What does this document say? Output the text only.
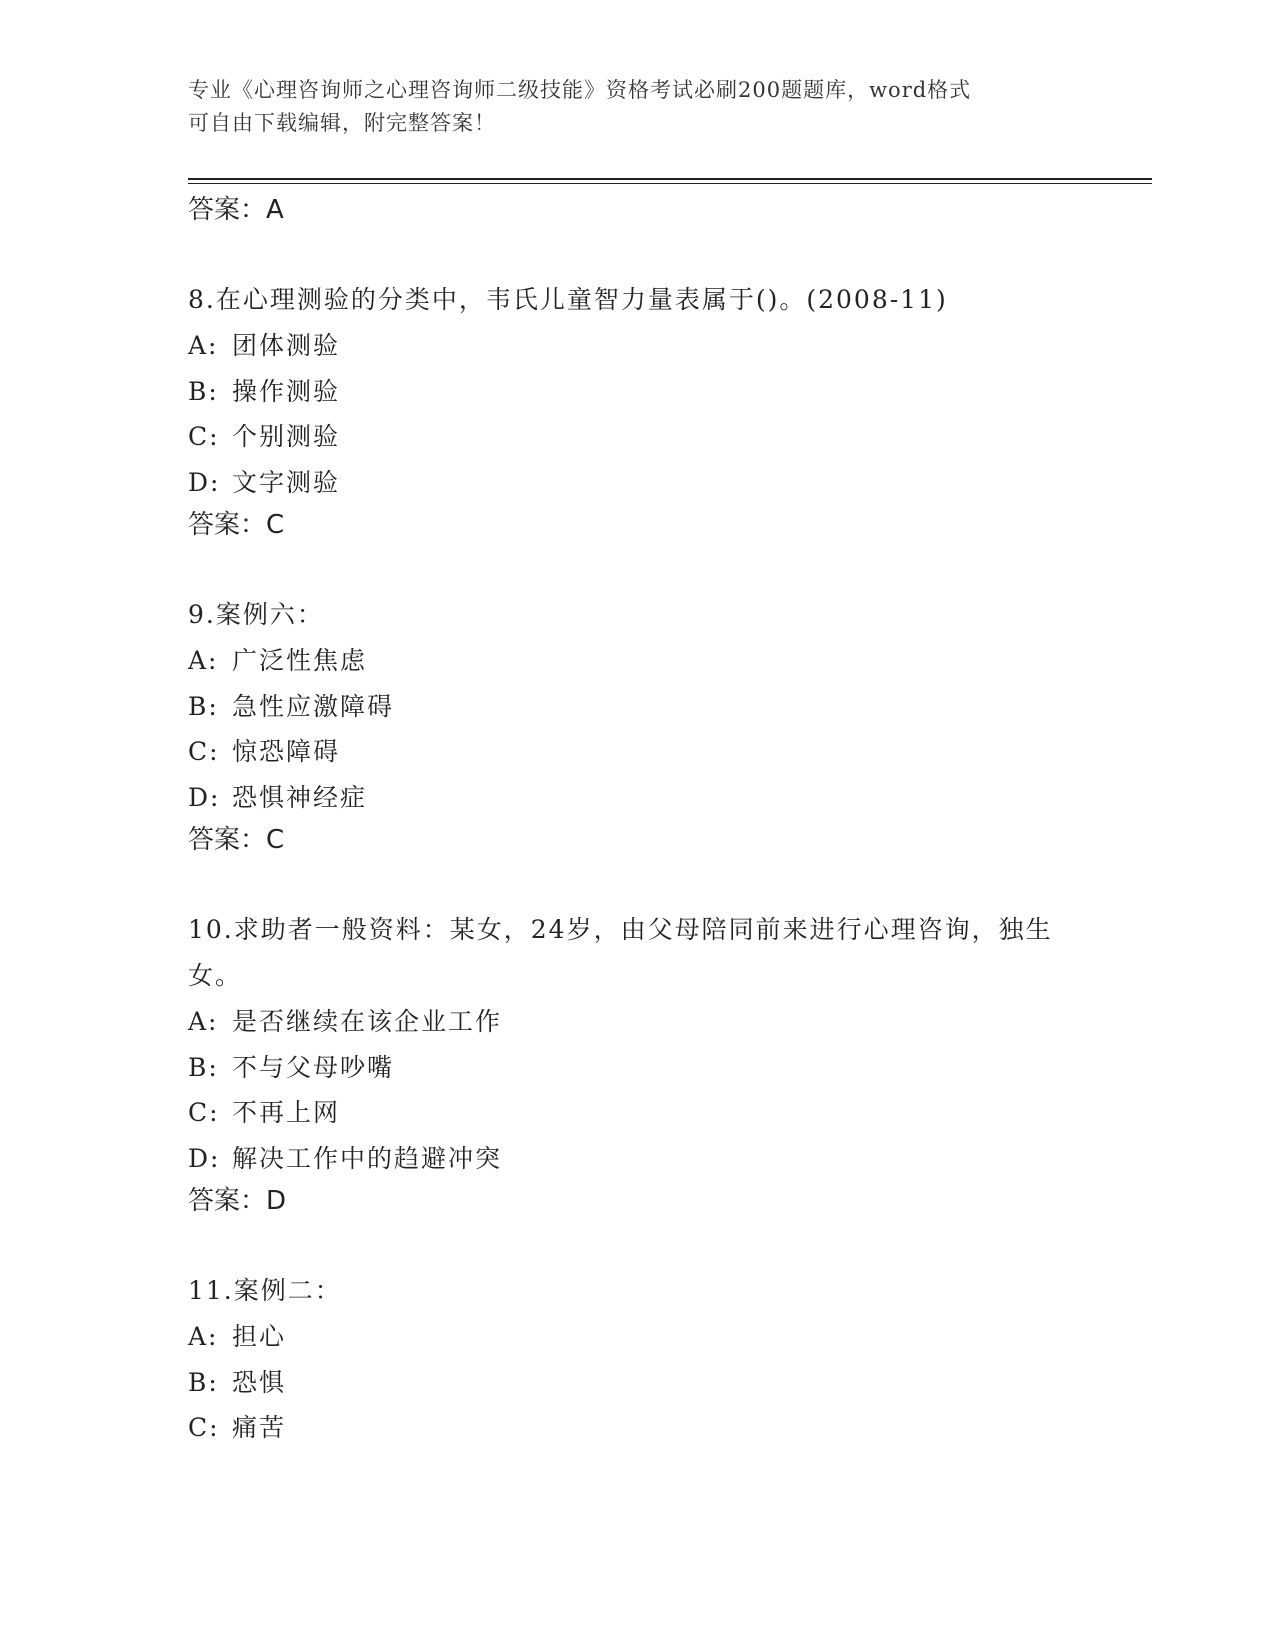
专业《心理咨询师之心理咨询师二级技能》资格考试必刷200题题库，word格式
可自由下载编辑，附完整答案！

答案：A

8.在心理测验的分类中，韦氏儿童智力量表属于()。(2008-11)

A: 团体测验

B: 操作测验

C: 个别测验

D: 文字测验

答案：C

9.案例六：

A: 广泛性焦虑

B: 急性应激障碍

C: 惊恐障碍

D: 恐惧神经症

答案：C

10.求助者一般资料：某女，24岁，由父母陪同前来进行心理咨询，独生女。

A: 是否继续在该企业工作

B: 不与父母吵嘴

C: 不再上网

D: 解决工作中的趋避冲突

答案：D

11.案例二：

A: 担心

B: 恐惧

C: 痛苦
